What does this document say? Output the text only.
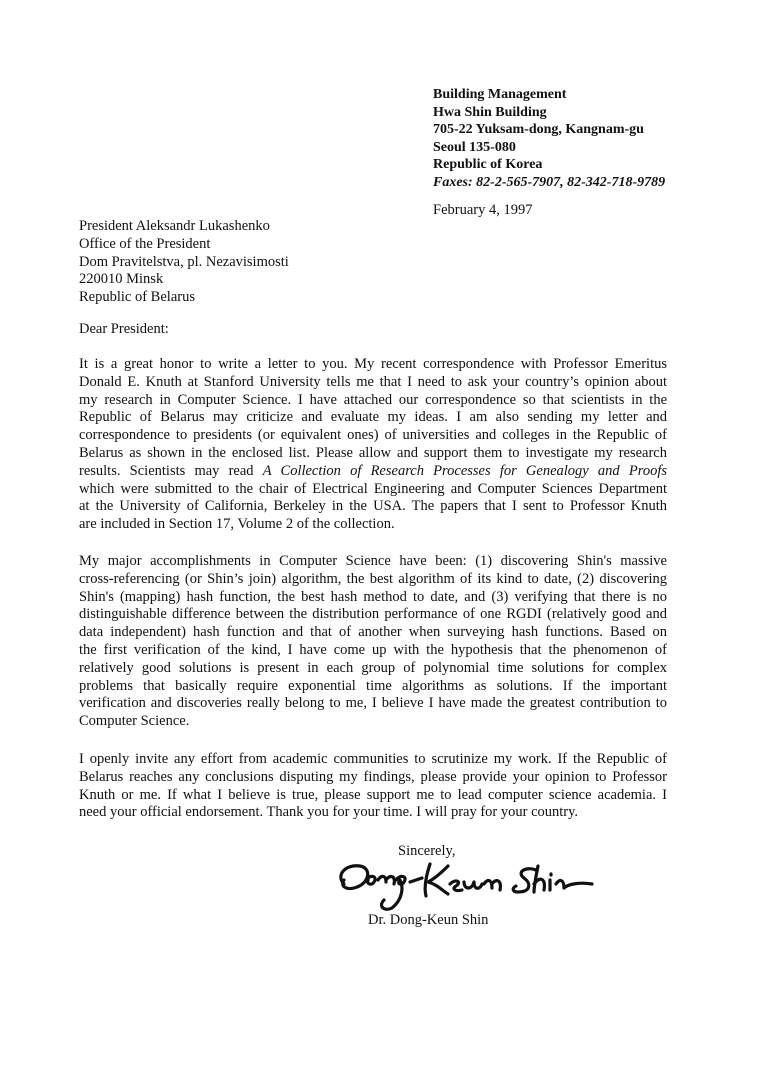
Building Management
Hwa Shin Building
705-22 Yuksam-dong, Kangnam-gu
Seoul 135-080
Republic of Korea
Faxes: 82-2-565-7907, 82-342-718-9789
February 4, 1997
President Aleksandr Lukashenko
Office of the President
Dom Pravitelstva, pl. Nezavisimosti
220010 Minsk
Republic of Belarus
Dear President:
It is a great honor to write a letter to you. My recent correspondence with Professor Emeritus
Donald E. Knuth at Stanford University tells me that I need to ask your country’s opinion about
my research in Computer Science. I have attached our correspondence so that scientists in the
Republic of Belarus may criticize and evaluate my ideas. I am also sending my letter and
correspondence to presidents (or equivalent ones) of universities and colleges in the Republic of
Belarus as shown in the enclosed list. Please allow and support them to investigate my research
results. Scientists may read A Collection of Research Processes for Genealogy and Proofs
which were submitted to the chair of Electrical Engineering and Computer Sciences Department
at the University of California, Berkeley in the USA. The papers that I sent to Professor Knuth
are included in Section 17, Volume 2 of the collection.
My major accomplishments in Computer Science have been: (1) discovering Shin's massive
cross-referencing (or Shin’s join) algorithm, the best algorithm of its kind to date, (2) discovering
Shin's (mapping) hash function, the best hash method to date, and (3) verifying that there is no
distinguishable difference between the distribution performance of one RGDI (relatively good and
data independent) hash function and that of another when surveying hash functions. Based on
the first verification of the kind, I have come up with the hypothesis that the phenomenon of
relatively good solutions is present in each group of polynomial time solutions for complex
problems that basically require exponential time algorithms as solutions. If the important
verification and discoveries really belong to me, I believe I have made the greatest contribution to
Computer Science.
I openly invite any effort from academic communities to scrutinize my work. If the Republic of
Belarus reaches any conclusions disputing my findings, please provide your opinion to Professor
Knuth or me. If what I believe is true, please support me to lead computer science academia. I
need your official endorsement. Thank you for your time. I will pray for your country.
Sincerely,
Dr. Dong-Keun Shin
